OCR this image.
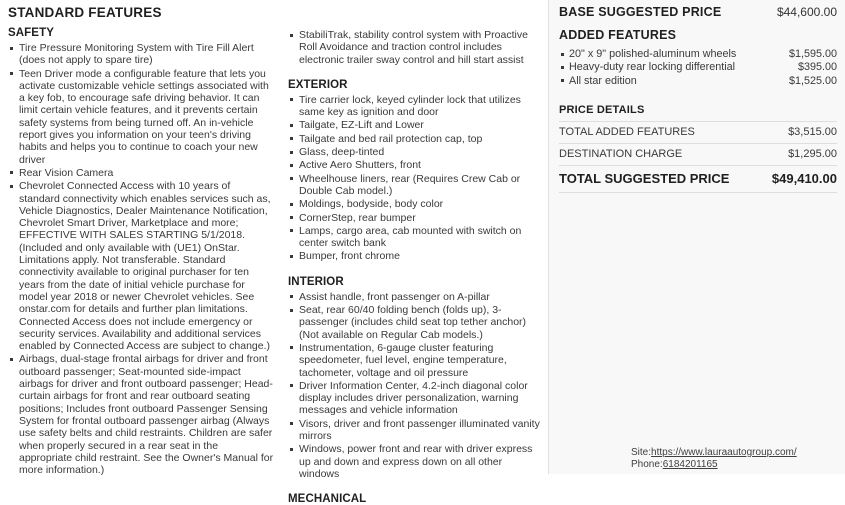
STANDARD FEATURES
SAFETY
Tire Pressure Monitoring System with Tire Fill Alert (does not apply to spare tire)
Teen Driver mode a configurable feature that lets you activate customizable vehicle settings associated with a key fob, to encourage safe driving behavior. It can limit certain vehicle features, and it prevents certain safety systems from being turned off. An in-vehicle report gives you information on your teen's driving habits and helps you to continue to coach your new driver
Rear Vision Camera
Chevrolet Connected Access with 10 years of standard connectivity which enables services such as, Vehicle Diagnostics, Dealer Maintenance Notification, Chevrolet Smart Driver, Marketplace and more; EFFECTIVE WITH SALES STARTING 5/1/2018. (Included and only available with (UE1) OnStar. Limitations apply. Not transferable. Standard connectivity available to original purchaser for ten years from the date of initial vehicle purchase for model year 2018 or newer Chevrolet vehicles. See onstar.com for details and further plan limitations. Connected Access does not include emergency or security services. Availability and additional services enabled by Connected Access are subject to change.)
Airbags, dual-stage frontal airbags for driver and front outboard passenger; Seat-mounted side-impact airbags for driver and front outboard passenger; Head-curtain airbags for front and rear outboard seating positions; Includes front outboard Passenger Sensing System for frontal outboard passenger airbag (Always use safety belts and child restraints. Children are safer when properly secured in a rear seat in the appropriate child restraint. See the Owner's Manual for more information.)
StabiliTrak, stability control system with Proactive Roll Avoidance and traction control includes electronic trailer sway control and hill start assist
EXTERIOR
Tire carrier lock, keyed cylinder lock that utilizes same key as ignition and door
Tailgate, EZ-Lift and Lower
Tailgate and bed rail protection cap, top
Glass, deep-tinted
Active Aero Shutters, front
Wheelhouse liners, rear (Requires Crew Cab or Double Cab model.)
Moldings, bodyside, body color
CornerStep, rear bumper
Lamps, cargo area, cab mounted with switch on center switch bank
Bumper, front chrome
INTERIOR
Assist handle, front passenger on A-pillar
Seat, rear 60/40 folding bench (folds up), 3-passenger (includes child seat top tether anchor) (Not available on Regular Cab models.)
Instrumentation, 6-gauge cluster featuring speedometer, fuel level, engine temperature, tachometer, voltage and oil pressure
Driver Information Center, 4.2-inch diagonal color display includes driver personalization, warning messages and vehicle information
Visors, driver and front passenger illuminated vanity mirrors
Windows, power front and rear with driver express up and down and express down on all other windows
MECHANICAL
BASE SUGGESTED PRICE	$44,600.00
ADDED FEATURES
20" x 9" polished-aluminum wheels	$1,595.00
Heavy-duty rear locking differential	$395.00
All star edition	$1,525.00
PRICE DETAILS
TOTAL ADDED FEATURES	$3,515.00
DESTINATION CHARGE	$1,295.00
TOTAL SUGGESTED PRICE	$49,410.00
Site:https://www.lauraautogroup.com/
Phone:6184201165
